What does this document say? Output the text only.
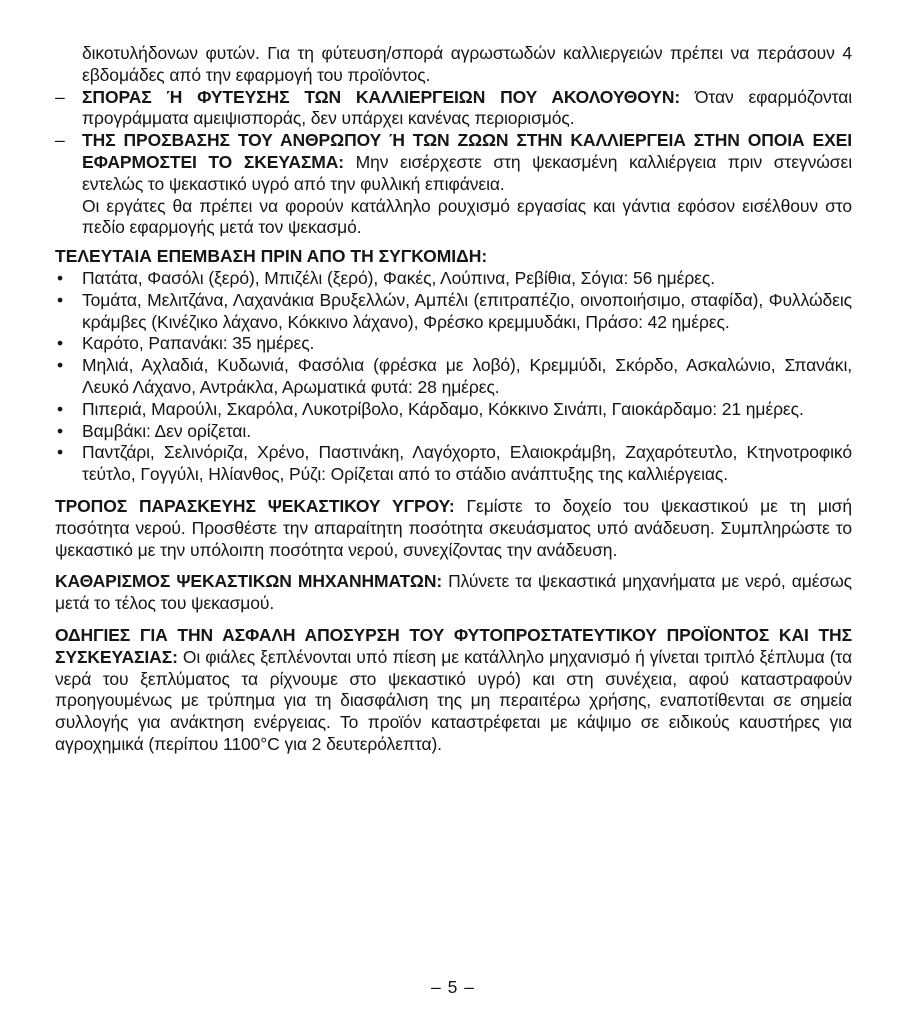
δικοτυλήδονων φυτών. Για τη φύτευση/σπορά αγρωστωδών καλλιεργειών πρέπει να περάσουν 4 εβδομάδες από την εφαρμογή του προϊόντος.

– ΣΠΟΡΑΣ Ή ΦΥΤΕΥΣΗΣ ΤΩΝ ΚΑΛΛΙΕΡΓΕΙΩΝ ΠΟΥ ΑΚΟΛΟΥΘΟΥΝ: Όταν εφαρμόζονται προγράμματα αμειψισποράς, δεν υπάρχει κανένας περιορισμός.
– ΤΗΣ ΠΡΟΣΒΑΣΗΣ ΤΟΥ ΑΝΘΡΩΠΟΥ Ή ΤΩΝ ΖΩΩΝ ΣΤΗΝ ΚΑΛΛΙΕΡΓΕΙΑ ΣΤΗΝ ΟΠΟΙΑ ΕΧΕΙ ΕΦΑΡΜΟΣΤΕΙ ΤΟ ΣΚΕΥΑΣΜΑ: Μην εισέρχεστε στη ψεκασμένη καλλιέργεια πριν στεγνώσει εντελώς το ψεκαστικό υγρό από την φυλλική επιφάνεια.

Οι εργάτες θα πρέπει να φορούν κατάλληλο ρουχισμό εργασίας και γάντια εφόσον εισέλθουν στο πεδίο εφαρμογής μετά τον ψεκασμό.

ΤΕΛΕΥΤΑΙΑ ΕΠΕΜΒΑΣΗ ΠΡΙΝ ΑΠΟ ΤΗ ΣΥΓΚΟΜΙΔΗ:

•	Πατάτα, Φασόλι (ξερό), Μπιζέλι (ξερό), Φακές, Λούπινα, Ρεβίθια, Σόγια: 56 ημέρες.
•	Τομάτα, Μελιτζάνα, Λαχανάκια Βρυξελλών, Αμπέλι (επιτραπέζιο, οινοποιήσιμο, σταφίδα), Φυλλώδεις κράμβες (Κινέζικο λάχανο, Κόκκινο λάχανο), Φρέσκο κρεμμυδάκι, Πράσο: 42 ημέρες.
•	Καρότο, Ραπανάκι: 35 ημέρες.
•	Μηλιά, Αχλαδιά, Κυδωνιά, Φασόλια (φρέσκα με λοβό), Κρεμμύδι, Σκόρδο, Ασκαλώνιο, Σπανάκι, Λευκό Λάχανο, Αντράκλα, Αρωματικά φυτά: 28 ημέρες.
•	Πιπεριά, Μαρούλι, Σκαρόλα, Λυκοτρίβολο, Κάρδαμο, Κόκκινο Σινάπι, Γαιοκάρδαμο: 21 ημέρες.
•	Βαμβάκι: Δεν ορίζεται.
•	Παντζάρι, Σελινόριζα, Χρένο, Παστινάκη, Λαγόχορτο, Ελαιοκράμβη, Ζαχαρότευτλο, Κτηνοτροφικό τεύτλο, Γογγύλι, Ηλίανθος, Ρύζι: Ορίζεται από το στάδιο ανάπτυξης της καλλιέργειας.

ΤΡΟΠΟΣ ΠΑΡΑΣΚΕΥΗΣ ΨΕΚΑΣΤΙΚΟΥ ΥΓΡΟΥ: Γεμίστε το δοχείο του ψεκαστικού με τη μισή ποσότητα νερού. Προσθέστε την απαραίτητη ποσότητα σκευάσματος υπό ανάδευση. Συμπληρώστε το ψεκαστικό με την υπόλοιπη ποσότητα νερού, συνεχίζοντας την ανάδευση.

ΚΑΘΑΡΙΣΜΟΣ ΨΕΚΑΣΤΙΚΩΝ ΜΗΧΑΝΗΜΑΤΩΝ: Πλύνετε τα ψεκαστικά μηχανήματα με νερό, αμέσως μετά το τέλος του ψεκασμού.

ΟΔΗΓΙΕΣ ΓΙΑ ΤΗΝ ΑΣΦΑΛΗ ΑΠΟΣΥΡΣΗ ΤΟΥ ΦΥΤΟΠΡΟΣΤΑΤΕΥΤΙΚΟΥ ΠΡΟΪΟΝΤΟΣ ΚΑΙ ΤΗΣ ΣΥΣΚΕΥΑΣΙΑΣ: Οι φιάλες ξεπλένονται υπό πίεση με κατάλληλο μηχανισμό ή γίνεται τριπλό ξέπλυμα (τα νερά του ξεπλύματος τα ρίχνουμε στο ψεκαστικό υγρό) και στη συνέχεια, αφού καταστραφούν προηγουμένως με τρύπημα για τη διασφάλιση της μη περαιτέρω χρήσης, εναποτίθενται σε σημεία συλλογής για ανάκτηση ενέργειας. Το προϊόν καταστρέφεται με κάψιμο σε ειδικούς καυστήρες για αγροχημικά (περίπου 1100°C για 2 δευτερόλεπτα).

– 5 –
